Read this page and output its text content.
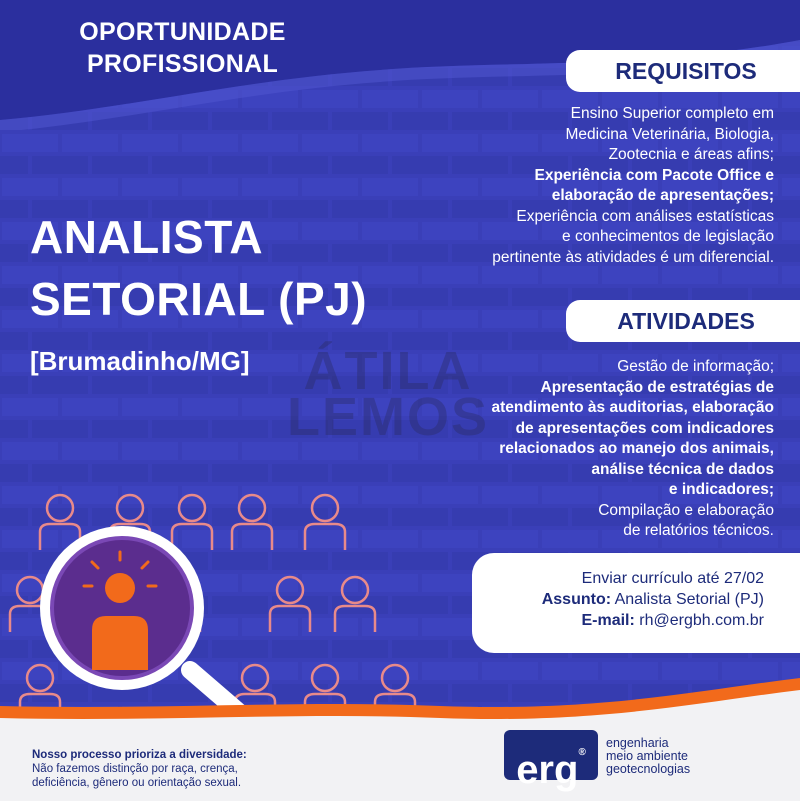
OPORTUNIDADE
PROFISSIONAL	REQUISITOS
Ensino Superior completo em
Medicina Veterinária, Biologia,
Zootecnia e áreas afins;
Experiência com Pacote Office e
elaboração de apresentações;
Experiência com análises estatísticas
e conhecimentos de legislação
pertinente às atividades é um diferencial.
ANALISTA
SETORIAL (PJ)
[Brumadinho/MG] ÁTILA
LEMOS
ATIVIDADES
Gestão de informação;
Apresentação de estratégias de
atendimento às auditorias, elaboração
de apresentações com indicadores
relacionados ao manejo dos animais,
análise técnica de dados
e indicadores;
Compilação e elaboração
de relatórios técnicos.
Enviar currículo até 27/02
Assunto: Analista Setorial (PJ)
E-mail: rh@ergbh.com.br
Nosso processo prioriza a diversidade:
Não fazemos distinção por raça, crença,
deficiência, gênero ou orientação sexual.	erg®
engenharia
meio ambiente
geotecnologias
